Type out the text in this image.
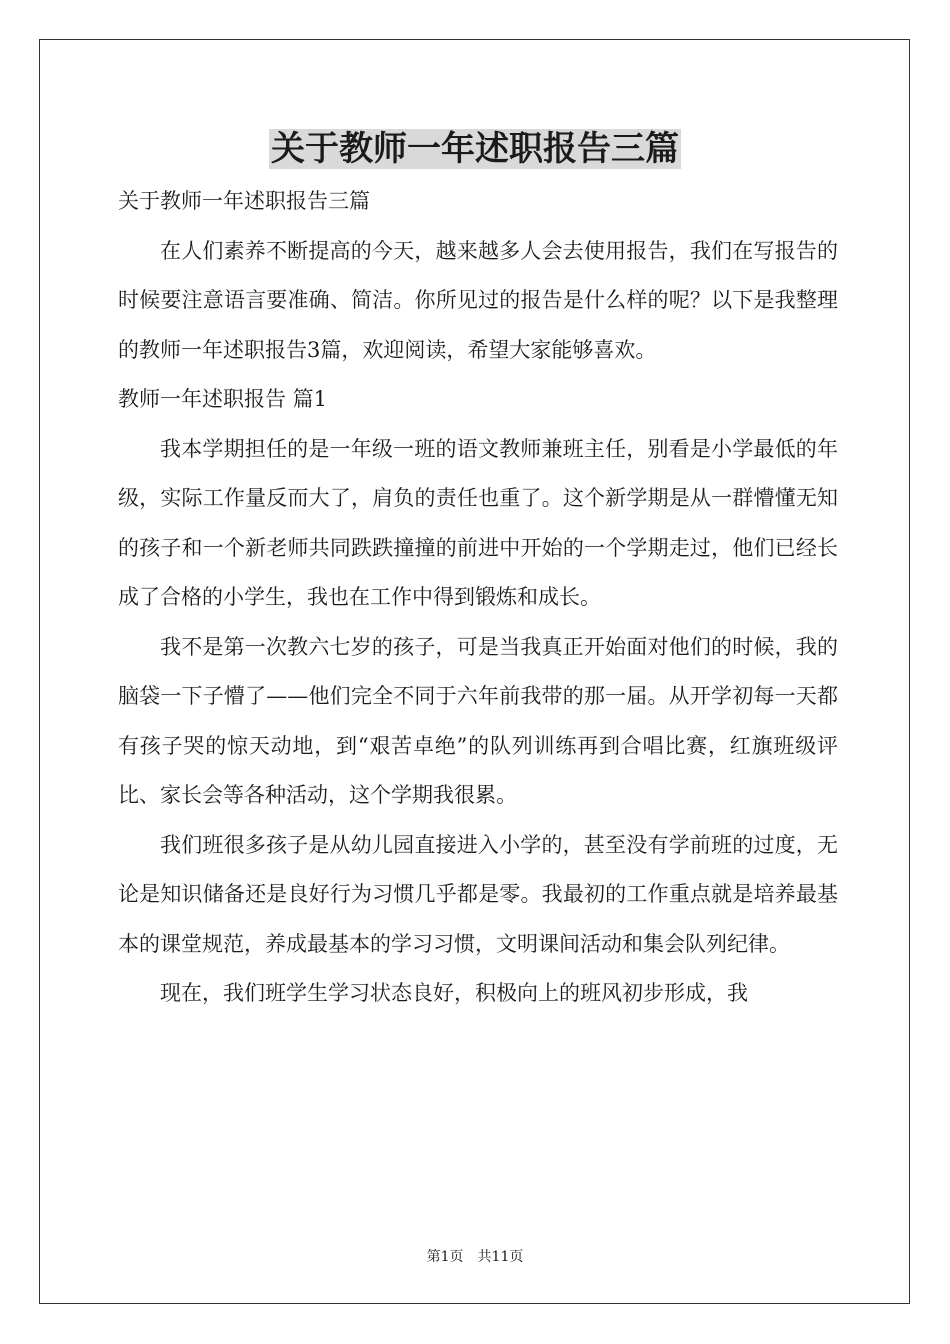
关于教师一年述职报告三篇

关于教师一年述职报告三篇

在人们素养不断提高的今天，越来越多人会去使用报告，我们在写报告的时候要注意语言要准确、简洁。你所见过的报告是什么样的呢？以下是我整理的教师一年述职报告3篇，欢迎阅读，希望大家能够喜欢。

教师一年述职报告 篇1

我本学期担任的是一年级一班的语文教师兼班主任，别看是小学最低的年级，实际工作量反而大了，肩负的责任也重了。这个新学期是从一群懵懂无知的孩子和一个新老师共同跌跌撞撞的前进中开始的一个学期走过，他们已经长成了合格的小学生，我也在工作中得到锻炼和成长。

我不是第一次教六七岁的孩子，可是当我真正开始面对他们的时候，我的脑袋一下子懵了——他们完全不同于六年前我带的那一届。从开学初每一天都有孩子哭的惊天动地，到“艰苦卓绝”的队列训练再到合唱比赛，红旗班级评比、家长会等各种活动，这个学期我很累。

我们班很多孩子是从幼儿园直接进入小学的，甚至没有学前班的过度，无论是知识储备还是良好行为习惯几乎都是零。我最初的工作重点就是培养最基本的课堂规范，养成最基本的学习习惯，文明课间活动和集会队列纪律。

现在，我们班学生学习状态良好，积极向上的班风初步形成，我

第1页　共11页
